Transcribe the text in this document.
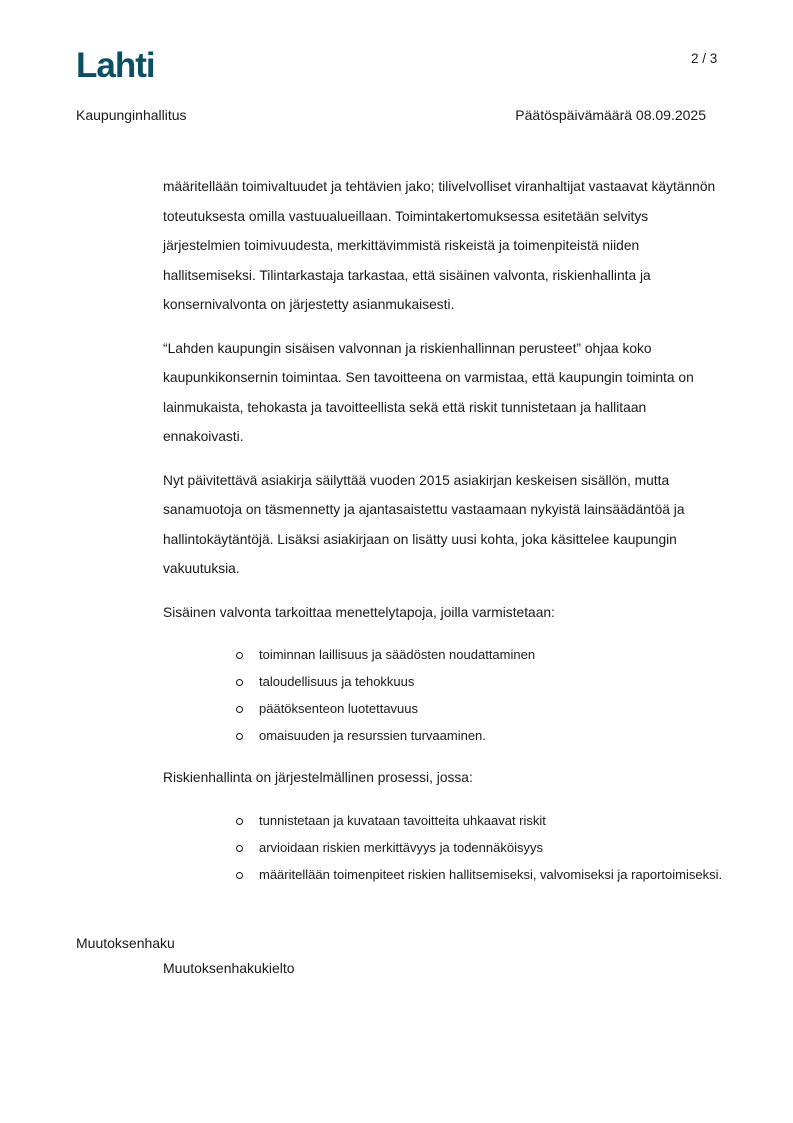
Lahti	2 / 3
Kaupunginhallitus	Päätöspäivämäärä 08.09.2025

määritellään toimivaltuudet ja tehtävien jako; tilivelvolliset viranhaltijat vastaavat käytännön toteutuksesta omilla vastuualueillaan. Toimintakertomuksessa esitetään selvitys järjestelmien toimivuudesta, merkittävimmistä riskeistä ja toimenpiteistä niiden hallitsemiseksi. Tilintarkastaja tarkastaa, että sisäinen valvonta, riskienhallinta ja konsernivalvonta on järjestetty asianmukaisesti.

“Lahden kaupungin sisäisen valvonnan ja riskienhallinnan perusteet” ohjaa koko kaupunkikonsernin toimintaa. Sen tavoitteena on varmistaa, että kaupungin toiminta on lainmukaista, tehokasta ja tavoitteellista sekä että riskit tunnistetaan ja hallitaan ennakoivasti.

Nyt päivitettävä asiakirja säilyttää vuoden 2015 asiakirjan keskeisen sisällön, mutta sanamuotoja on täsmennetty ja ajantasaistettu vastaamaan nykyistä lainsäädäntöä ja hallintokäytäntöjä. Lisäksi asiakirjaan on lisätty uusi kohta, joka käsittelee kaupungin vakuutuksia.

Sisäinen valvonta tarkoittaa menettelytapoja, joilla varmistetaan:

toiminnan laillisuus ja säädösten noudattaminen
taloudellisuus ja tehokkuus
päätöksenteon luotettavuus
omaisuuden ja resurssien turvaaminen.

Riskienhallinta on järjestelmällinen prosessi, jossa:

tunnistetaan ja kuvataan tavoitteita uhkaavat riskit
arvioidaan riskien merkittävyys ja todennäköisyys
määritellään toimenpiteet riskien hallitsemiseksi, valvomiseksi ja raportoimiseksi.
Muutoksenhaku
Muutoksenhakukielto
